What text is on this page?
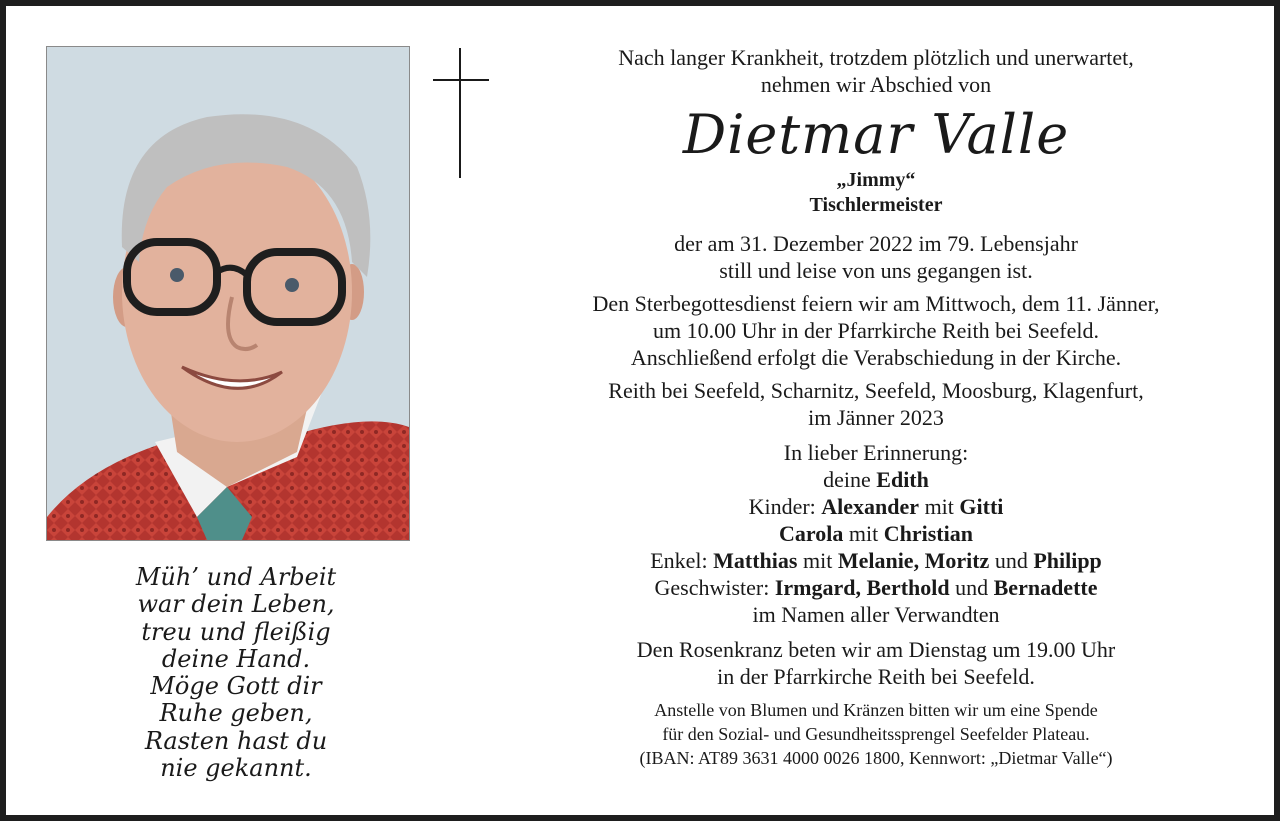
Müh’ und Arbeit
war dein Leben,
treu und fleißig
deine Hand.
Möge Gott dir
Ruhe geben,
Rasten hast du
nie gekannt.
Nach langer Krankheit, trotzdem plötzlich und unerwartet,
nehmen wir Abschied von
Dietmar Valle
„Jimmy“
Tischlermeister
der am 31. Dezember 2022 im 79. Lebensjahr
still und leise von uns gegangen ist.
Den Sterbegottesdienst feiern wir am Mittwoch, dem 11. Jänner,
um 10.00 Uhr in der Pfarrkirche Reith bei Seefeld.
Anschließend erfolgt die Verabschiedung in der Kirche.
Reith bei Seefeld, Scharnitz, Seefeld, Moosburg, Klagenfurt,
im Jänner 2023
In lieber Erinnerung:
deine Edith
Kinder: Alexander mit Gitti
Carola mit Christian
Enkel: Matthias mit Melanie, Moritz und Philipp
Geschwister: Irmgard, Berthold und Bernadette
im Namen aller Verwandten
Den Rosenkranz beten wir am Dienstag um 19.00 Uhr
in der Pfarrkirche Reith bei Seefeld.
Anstelle von Blumen und Kränzen bitten wir um eine Spende
für den Sozial- und Gesundheitssprengel Seefelder Plateau.
(IBAN: AT89 3631 4000 0026 1800, Kennwort: „Dietmar Valle“)
